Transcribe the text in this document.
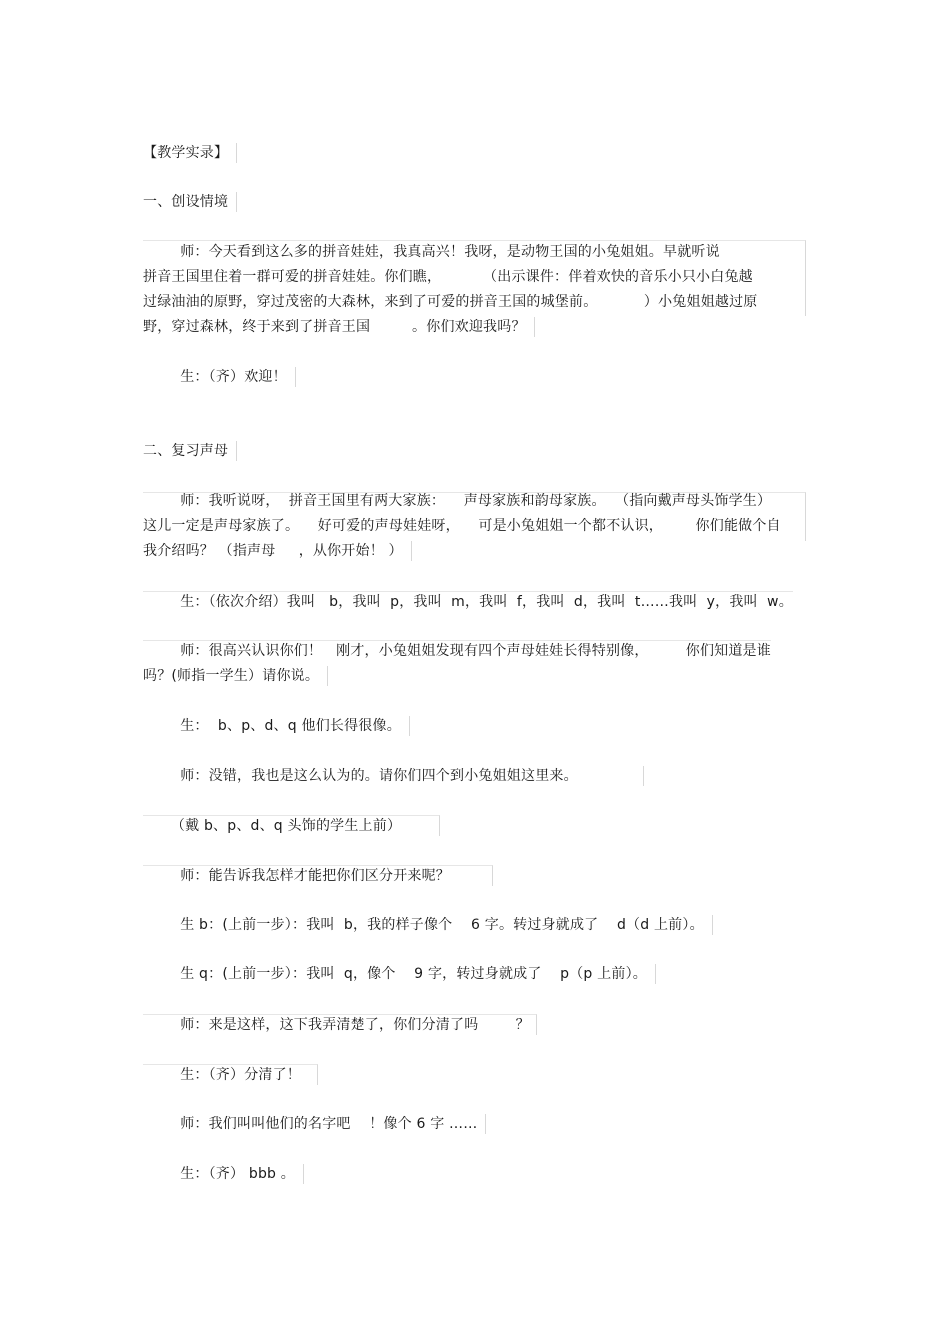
【教学实录】
一、创设情境
师：今天看到这么多的拼音娃娃，我真高兴！我呀，是动物王国的小兔姐姐。早就听说
拼音王国里住着一群可爱的拼音娃娃。你们瞧，         （出示课件：伴着欢快的音乐小只小白兔越
过绿油油的原野，穿过茂密的大森林，来到了可爱的拼音王国的城堡前。          ）小兔姐姐越过原
野，穿过森林，终于来到了拼音王国         。你们欢迎我吗？
生：（齐）欢迎！
二、复习声母
师：我听说呀，  拼音王国里有两大家族：    声母家族和韵母家族。  （指向戴声母头饰学生）
这儿一定是声母家族了。    好可爱的声母娃娃呀，    可是小兔姐姐一个都不认识，       你们能做个自
我介绍吗？ （指声母     ，从你开始！ ）
生：（依次介绍）我叫   b，我叫  p，我叫  m，我叫  f，我叫  d，我叫  t……我叫  y，我叫  w。
师：很高兴认识你们！   刚才，小兔姐姐发现有四个声母娃娃长得特别像，        你们知道是谁
吗？(师指一学生）请你说。
生：  b、p、d、q 他们长得很像。
师：没错，我也是这么认为的。请你们四个到小兔姐姐这里来。
（戴 b、p、d、q 头饰的学生上前）
师：能告诉我怎样才能把你们区分开来呢？
生 b：(上前一步）：我叫  b，我的样子像个    6 字。转过身就成了    d（d 上前）。
生 q：(上前一步）：我叫  q，像个    9 字，转过身就成了    p（p 上前）。
师：来是这样，这下我弄清楚了，你们分清了吗        ？
生：（齐）分清了！
师：我们叫叫他们的名字吧    ！像个 6 字 ……
生：（齐） bbb 。
